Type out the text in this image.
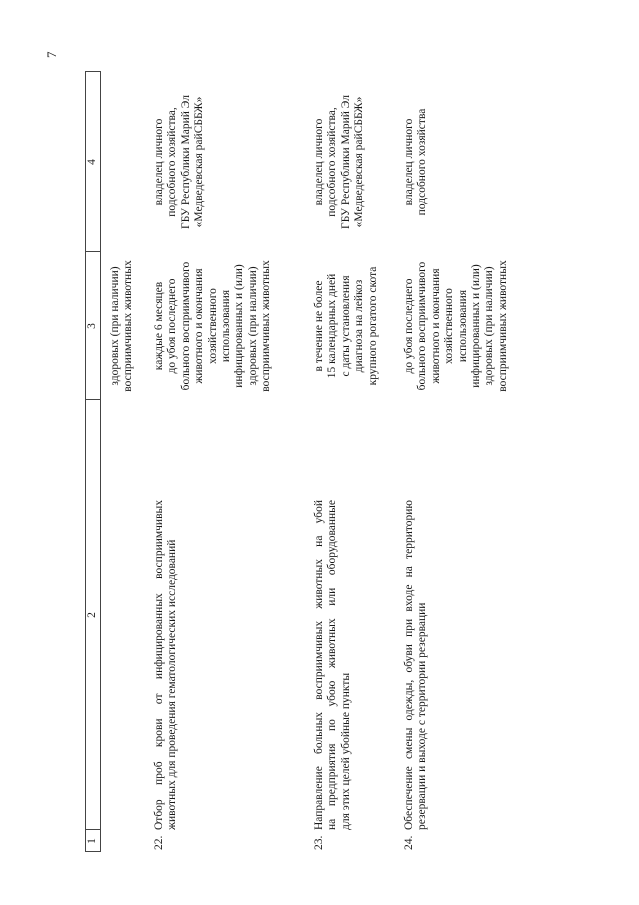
7
1
2
3
4
здоровых (при наличии) восприимчивых животных
22.
Отбор проб крови от инфицированных восприимчивых животных для проведения гематологических исследований
каждые 6 месяцев до убоя последнего больного восприимчивого животного и окончания хозяйственного использования инфицированных и (или) здоровых (при наличии) восприимчивых животных
владелец личного подсобного хозяйства, ГБУ Республики Марий Эл «Медведевская райСББЖ»
23.
Направление больных восприимчивых животных на убой на предприятия по убою животных или оборудованные для этих целей убойные пункты
в течение не более 15 календарных дней с даты установления диагноза на лейкоз крупного рогатого скота
владелец личного подсобного хозяйства, ГБУ Республики Марий Эл «Медведевская райСББЖ»
24.
Обеспечение смены одежды, обуви при входе на территорию резервации и выходе с территории резервации
до убоя последнего больного восприимчивого животного и окончания хозяйственного использования инфицированных и (или) здоровых (при наличии) восприимчивых животных
владелец личного подсобного хозяйства
